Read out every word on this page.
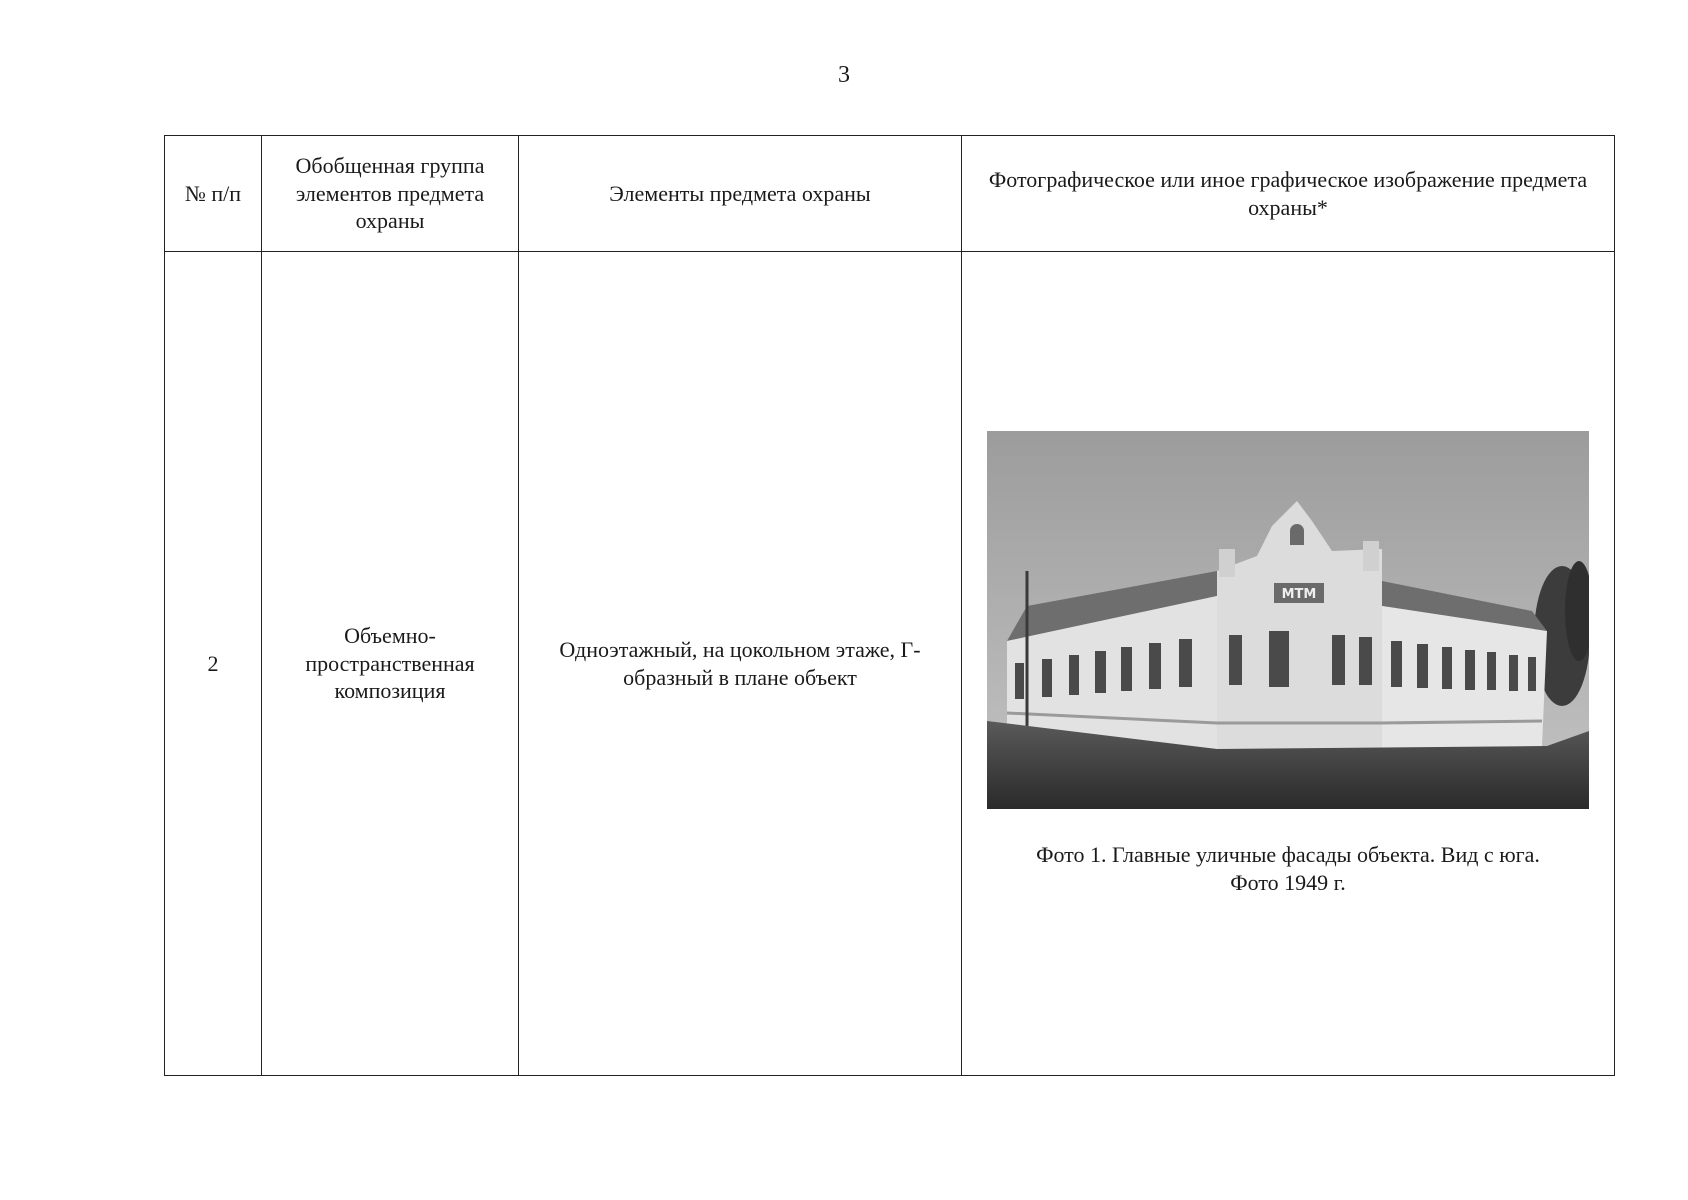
3
№ п/п	Обобщенная группа элементов предмета охраны	Элементы предмета охраны	Фотографическое или иное графическое изображение предмета охраны*
2	Объемно-пространственная композиция	Одноэтажный, на цокольном этаже, Г-образный в плане объект	МТМ
Фото 1. Главные уличные фасады объекта. Вид с юга.
Фото 1949 г.
